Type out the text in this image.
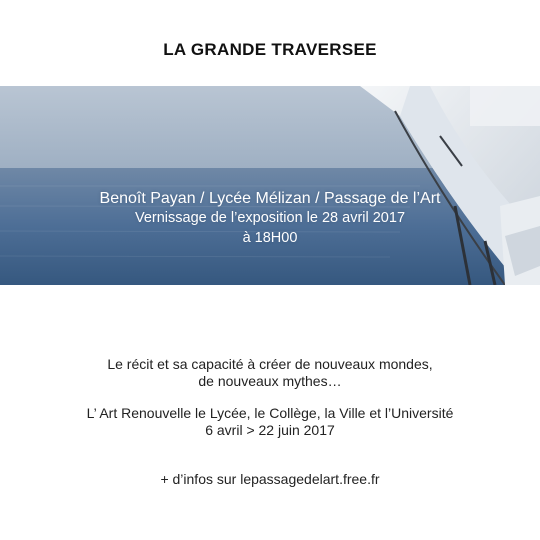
LA GRANDE TRAVERSEE
Benoît Payan / Lycée Mélizan / Passage de l’Art
Vernissage de l’exposition le 28 avril 2017
à 18H00
Le récit et sa capacité à créer de nouveaux mondes,
de nouveaux mythes…
L’ Art Renouvelle le Lycée, le Collège, la Ville et l’Université
6 avril > 22 juin 2017
+ d’infos sur lepassagedelart.free.fr
